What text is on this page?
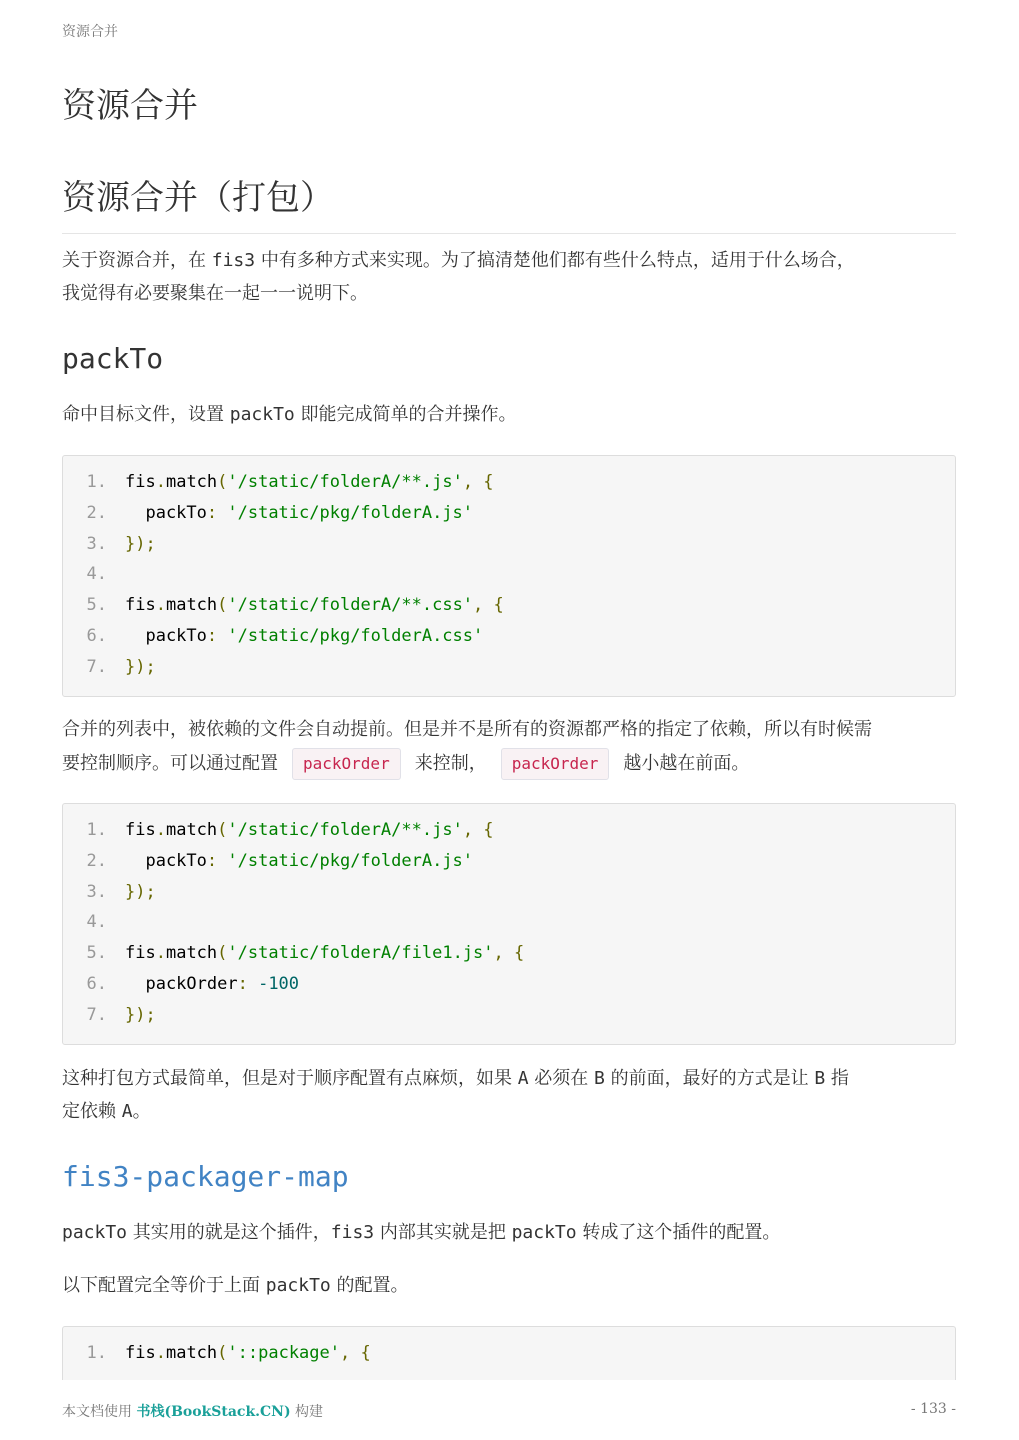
资源合并
资源合并
资源合并（打包）
关于资源合并，在 fis3 中有多种方式来实现。为了搞清楚他们都有些什么特点，适用于什么场合，
我觉得有必要聚集在一起一一说明下。
packTo
命中目标文件，设置 packTo 即能完成简单的合并操作。
1. fis.match('/static/folderA/**.js', {
2. packTo: '/static/pkg/folderA.js'
3. });
4.
5. fis.match('/static/folderA/**.css', {
6. packTo: '/static/pkg/folderA.css'
7. });
合并的列表中，被依赖的文件会自动提前。但是并不是所有的资源都严格的指定了依赖，所以有时候需
要控制顺序。可以通过配置 packOrder 来控制， packOrder 越小越在前面。
1. fis.match('/static/folderA/**.js', {
2. packTo: '/static/pkg/folderA.js'
3. });
4.
5. fis.match('/static/folderA/file1.js', {
6. packOrder: -100
7. });
这种打包方式最简单，但是对于顺序配置有点麻烦，如果 A 必须在 B 的前面，最好的方式是让 B 指
定依赖 A。
fis3-packager-map
packTo 其实用的就是这个插件，fis3 内部其实就是把 packTo 转成了这个插件的配置。
以下配置完全等价于上面 packTo 的配置。
1. fis.match('::package', {
本文档使用 书栈(BookStack.CN) 构建	- 133 -
